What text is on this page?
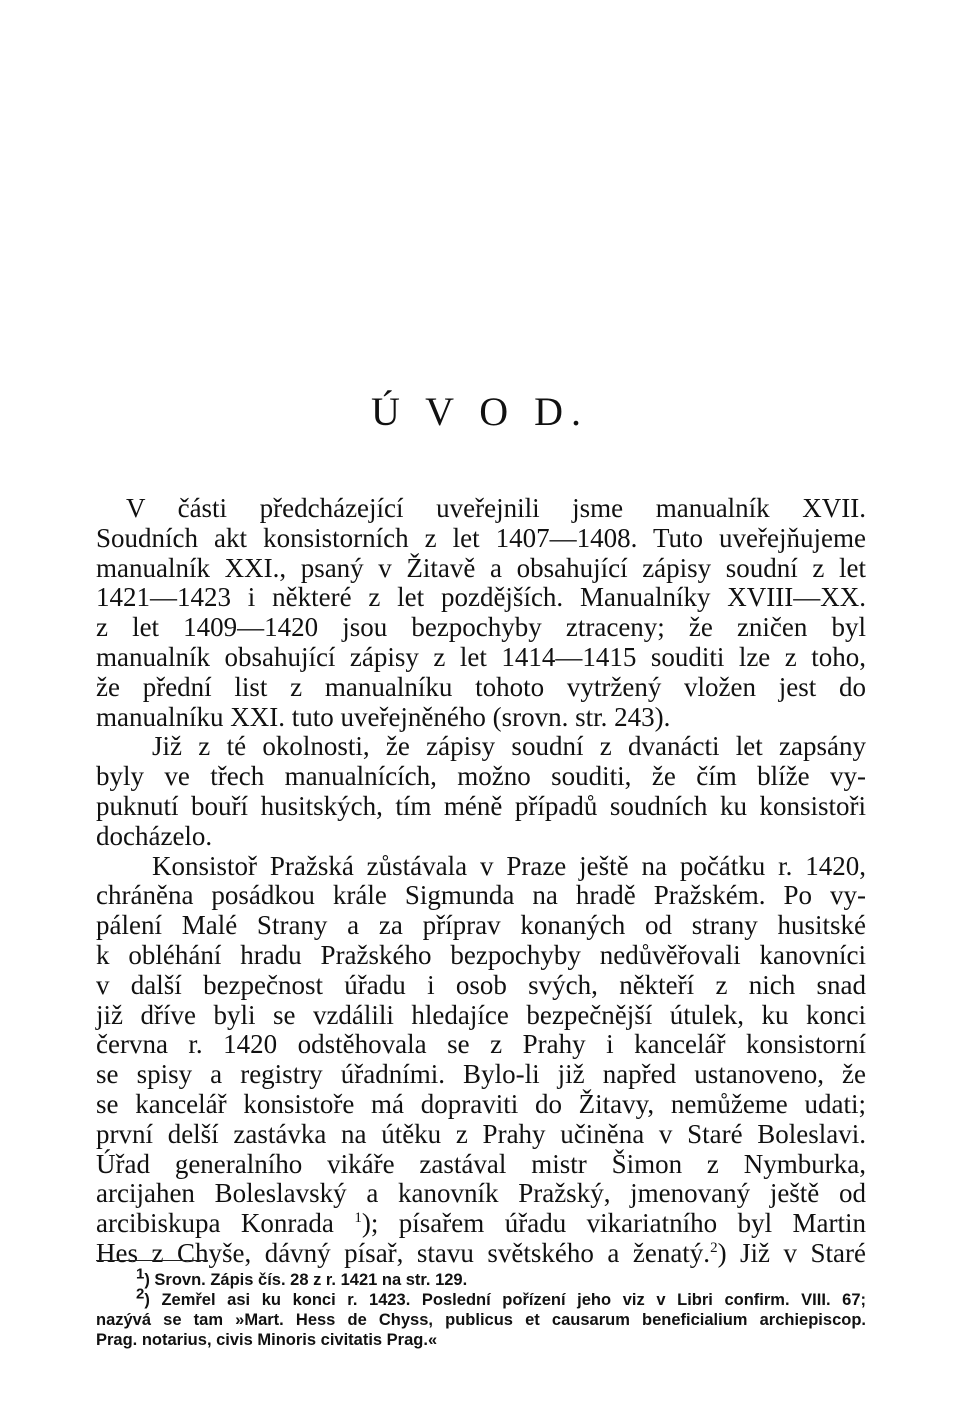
Ú V O D.
V části předcházející uveřejnili jsme manualník XVII.
Soudních akt konsistorních z let 1407—1408. Tuto uveřejňujeme
manualník XXI., psaný v Žitavě a obsahující zápisy soudní z let
1421—1423 i některé z let pozdějších. Manualníky XVIII—XX.
z let 1409—1420 jsou bezpochyby ztraceny; že zničen byl
manualník obsahující zápisy z let 1414—1415 souditi lze z toho,
že přední list z manualníku tohoto vytržený vložen jest do
manualníku XXI. tuto uveřejněného (srovn. str. 243).
Již z té okolnosti, že zápisy soudní z dvanácti let zapsány
byly ve třech manualnících, možno souditi, že čím blíže vy-
puknutí bouří husitských, tím méně případů soudních ku konsistoři
docházelo.
Konsistoř Pražská zůstávala v Praze ještě na počátku r. 1420,
chráněna posádkou krále Sigmunda na hradě Pražském. Po vy-
pálení Malé Strany a za příprav konaných od strany husitské
k obléhání hradu Pražského bezpochyby nedůvěřovali kanovníci
v další bezpečnost úřadu i osob svých, někteří z nich snad
již dříve byli se vzdálili hledajíce bezpečnější útulek, ku konci
června r. 1420 odstěhovala se z Prahy i kancelář konsistorní
se spisy a registry úřadními. Bylo-li již napřed ustanoveno, že
se kancelář konsistoře má dopraviti do Žitavy, nemůžeme udati;
první delší zastávka na útěku z Prahy učiněna v Staré Boleslavi.
Úřad generalního vikáře zastával mistr Šimon z Nymburka,
arcijahen Boleslavský a kanovník Pražský, jmenovaný ještě od
arcibiskupa Konrada $^1$); písařem úřadu vikariatního byl Martin
Hes z Chyše, dávný písař, stavu světského a ženatý.$^2$) Již v Staré
1) Srovn. Zápis čís. 28 z r. 1421 na str. 129.
2) Zemřel asi ku konci r. 1423. Poslední pořízení jeho viz v Libri confirm. VIII. 67;
nazývá se tam »Mart. Hess de Chyss, publicus et causarum beneficialium archiepiscop.
Prag. notarius, civis Minoris civitatis Prag.«
